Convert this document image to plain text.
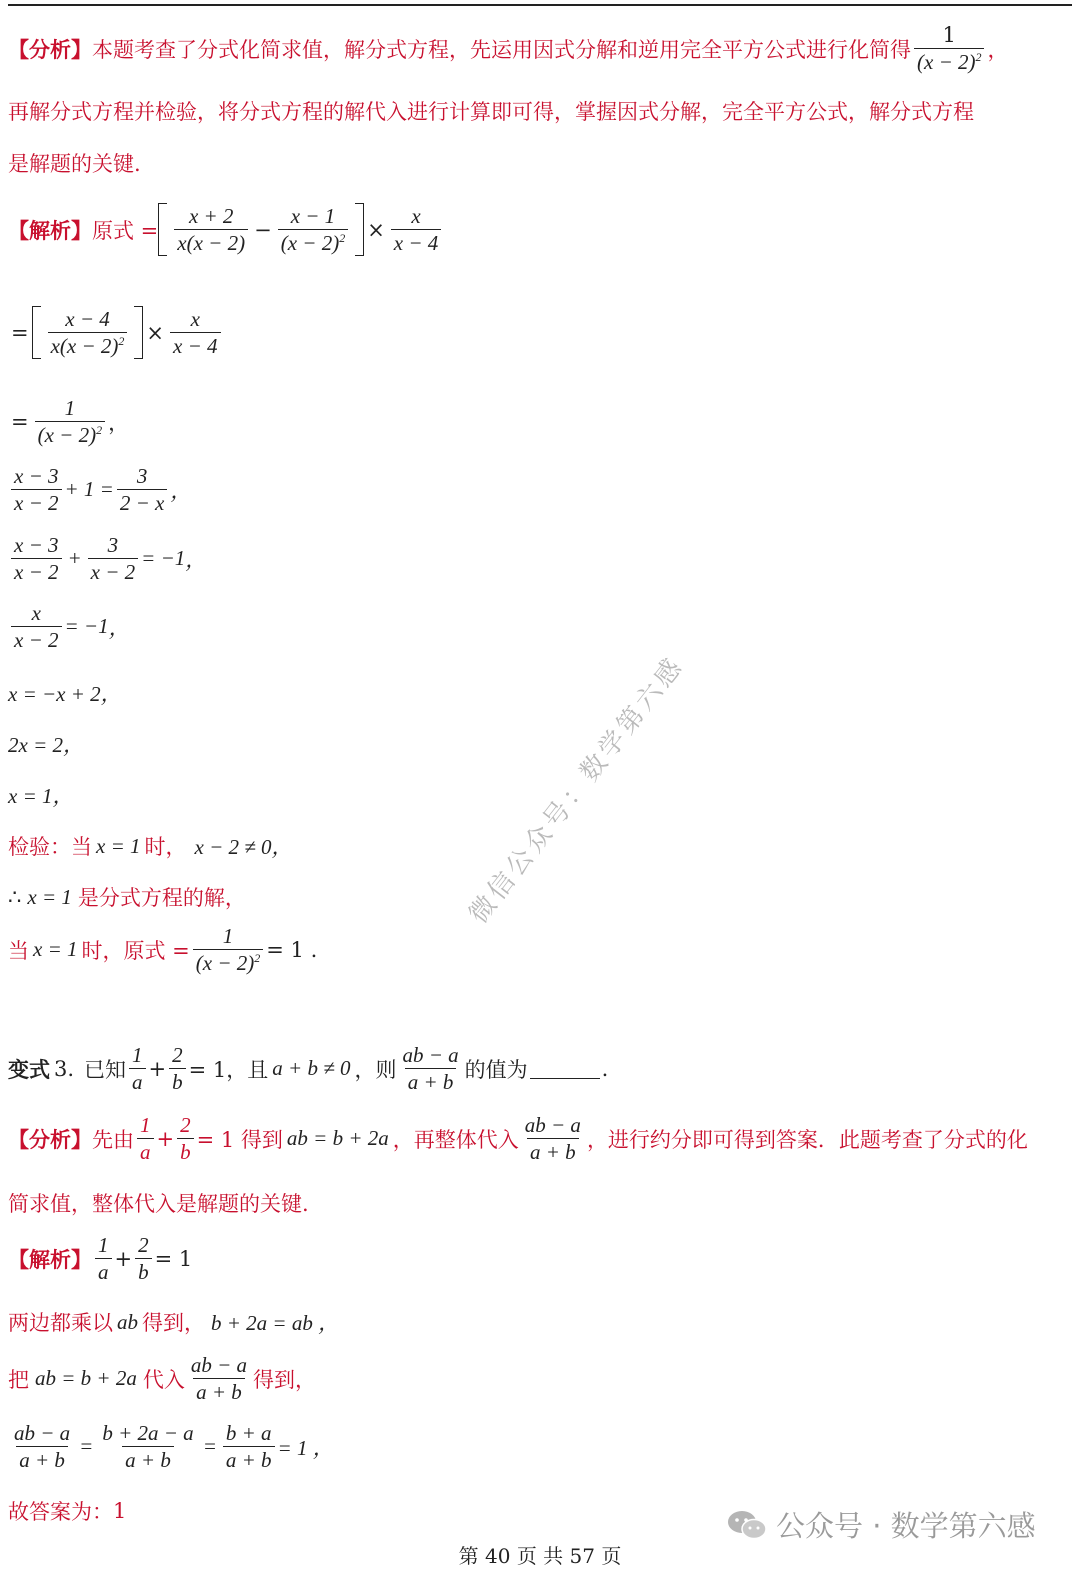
【分析】 本题考查了分式化简求值，解分式方程，先运用因式分解和逆用完全平方公式进行化简得 $\frac{1}{(x - 2)^2}$ ，
再解分式方程并检验，将分式方程的解代入进行计算即可得，掌握因式分解，完全平方公式，解分式方程
是解题的关键.
【解析】 原式 = $\frac{x + 2}{x(x - 2)} - \frac{x - 1}{(x - 2)^2} \times \frac{x}{x - 4}$
= $\frac{x - 4}{x(x - 2)^2} \times \frac{x}{x - 4}$
= $\frac{1}{(x - 2)^2}$ ，
$\frac{x - 3}{x - 2} + 1 = \frac{3}{2 - x}$ ，
$\frac{x - 3}{x - 2} + \frac{3}{x - 2} = -1$ ，
$\frac{x}{x - 2} = -1$ ，
x = −x + 2，
2x = 2，
x = 1，
检验：当 x = 1 时， x − 2 ≠ 0，
∴ x = 1 是分式方程的解，
当 x = 1 时，原式 = $\frac{1}{(x - 2)^2} = 1$ .
变式 3. 已知 $\frac{1}{a} + \frac{2}{b} = 1$，且 a + b ≠ 0 ，则 $\frac{ab - a}{a + b}$ 的值为	.
【分析】 先由 $\frac{1}{a} + \frac{2}{b} = 1$ 得到 ab = b + 2a ，再整体代入 $\frac{ab - a}{a + b}$ ，进行约分即可得到答案．此题考查了分式的化
简求值，整体代入是解题的关键.
【解析】 $\frac{1}{a} + \frac{2}{b} = 1$
两边都乘以 ab 得到， b + 2a = ab ，
把 ab = b + 2a 代入 $\frac{ab - a}{a + b}$ 得到，
$\frac{ab - a}{a + b} = \frac{b + 2a - a}{a + b} = \frac{b + a}{a + b} = 1$ ，
故答案为： 1
微信公众号：数学第六感
公众号 · 数学第六感
第 40 页 共 57 页
